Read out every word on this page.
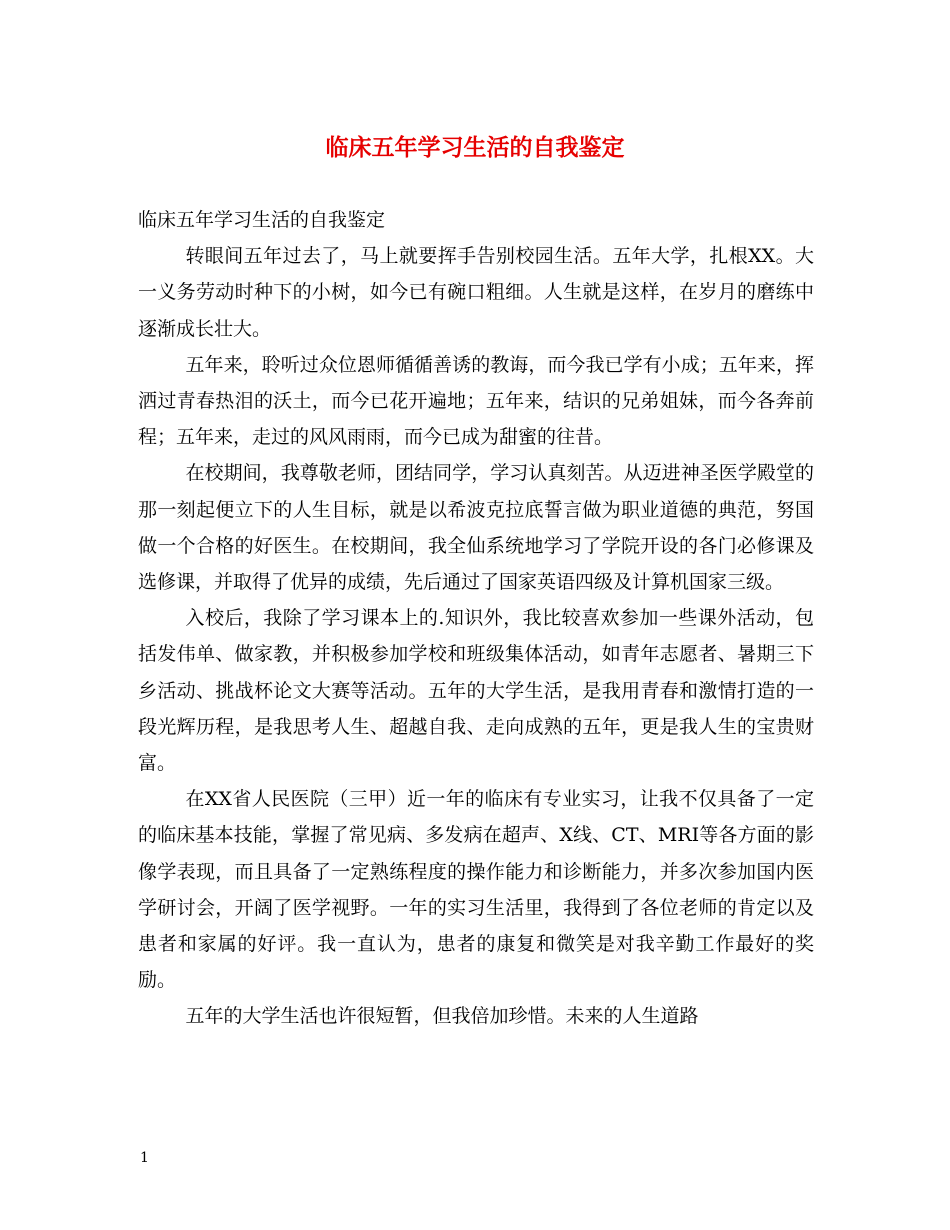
临床五年学习生活的自我鉴定

临床五年学习生活的自我鉴定

转眼间五年过去了，马上就要挥手告别校园生活。五年大学，扎根XX。大一义务劳动时种下的小树，如今已有碗口粗细。人生就是这样，在岁月的磨练中逐渐成长壮大。

五年来，聆听过众位恩师循循善诱的教诲，而今我已学有小成；五年来，挥洒过青春热泪的沃土，而今已花开遍地；五年来，结识的兄弟姐妹，而今各奔前程；五年来，走过的风风雨雨，而今已成为甜蜜的往昔。

在校期间，我尊敬老师，团结同学，学习认真刻苦。从迈进神圣医学殿堂的那一刻起便立下的人生目标，就是以希波克拉底誓言做为职业道德的典范，努国做一个合格的好医生。在校期间，我全仙系统地学习了学院开设的各门必修课及选修课，并取得了优异的成绩，先后通过了国家英语四级及计算机国家三级。

入校后，我除了学习课本上的.知识外，我比较喜欢参加一些课外活动，包括发伟单、做家教，并积极参加学校和班级集体活动，如青年志愿者、暑期三下乡活动、挑战杯论文大赛等活动。五年的大学生活，是我用青春和激情打造的一段光辉历程，是我思考人生、超越自我、走向成熟的五年，更是我人生的宝贵财富。

在XX省人民医院（三甲）近一年的临床有专业实习，让我不仅具备了一定的临床基本技能，掌握了常见病、多发病在超声、X线、CT、MRI等各方面的影像学表现，而且具备了一定熟练程度的操作能力和诊断能力，并多次参加国内医学研讨会，开阔了医学视野。一年的实习生活里，我得到了各位老师的肯定以及患者和家属的好评。我一直认为，患者的康复和微笑是对我辛勤工作最好的奖励。

五年的大学生活也许很短暂，但我倍加珍惜。未来的人生道路

1
